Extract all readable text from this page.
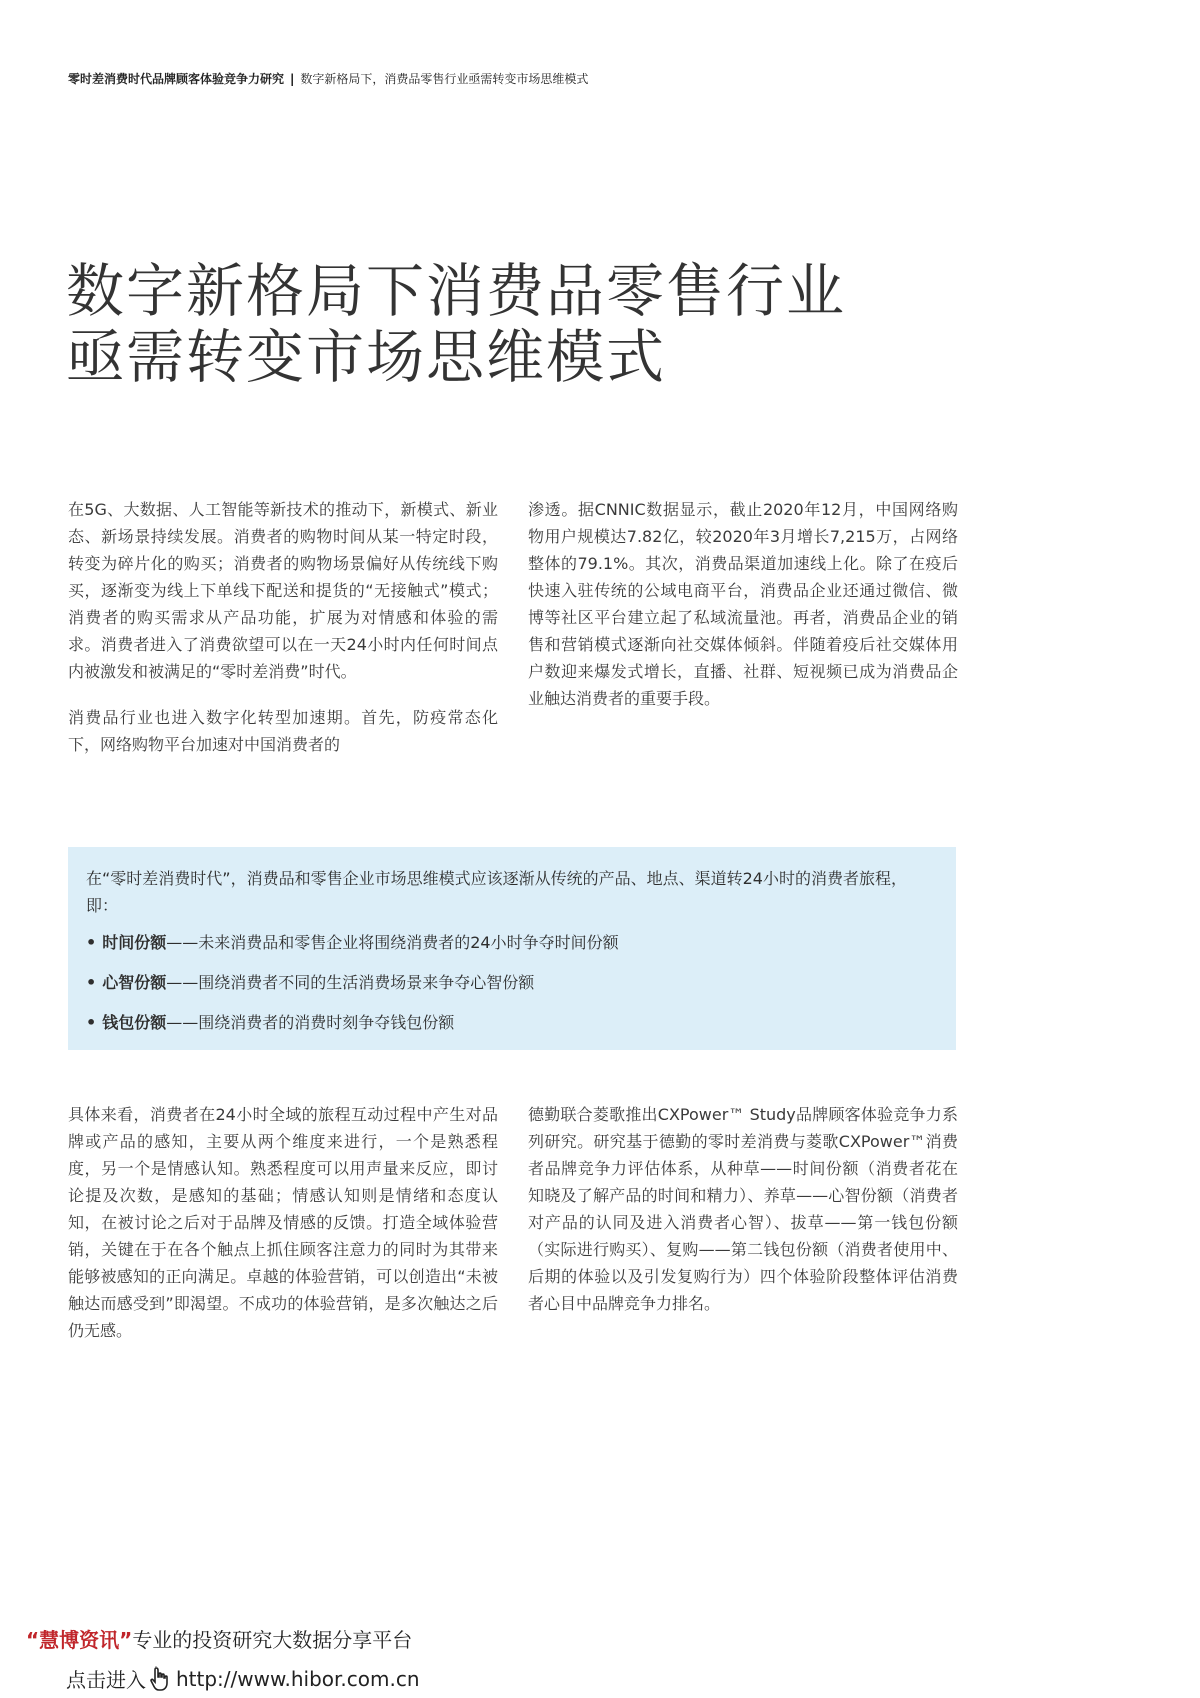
零时差消费时代品牌顾客体验竞争力研究 | 数字新格局下，消费品零售行业亟需转变市场思维模式
数字新格局下消费品零售行业
亟需转变市场思维模式

在5G、大数据、人工智能等新技术的推动下，新模式、新业态、新场景持续发展。消费者的购物时间从某一特定时段，转变为碎片化的购买；消费者的购物场景偏好从传统线下购买，逐渐变为线上下单线下配送和提货的“无接触式”模式；消费者的购买需求从产品功能，扩展为对情感和体验的需求。消费者进入了消费欲望可以在一天24小时内任何时间点内被激发和被满足的“零时差消费”时代。

消费品行业也进入数字化转型加速期。首先，防疫常态化下，网络购物平台加速对中国消费者的

渗透。据CNNIC数据显示，截止2020年12月，中国网络购物用户规模达7.82亿，较2020年3月增长7,215万，占网络整体的79.1%。其次，消费品渠道加速线上化。除了在疫后快速入驻传统的公域电商平台，消费品企业还通过微信、微博等社区平台建立起了私域流量池。再者，消费品企业的销售和营销模式逐渐向社交媒体倾斜。伴随着疫后社交媒体用户数迎来爆发式增长，直播、社群、短视频已成为消费品企业触达消费者的重要手段。

在“零时差消费时代”，消费品和零售企业市场思维模式应该逐渐从传统的产品、地点、渠道转24小时的消费者旅程，即：

• 时间份额——未来消费品和零售企业将围绕消费者的24小时争夺时间份额
• 心智份额——围绕消费者不同的生活消费场景来争夺心智份额
• 钱包份额——围绕消费者的消费时刻争夺钱包份额

具体来看，消费者在24小时全域的旅程互动过程中产生对品牌或产品的感知，主要从两个维度来进行，一个是熟悉程度，另一个是情感认知。熟悉程度可以用声量来反应，即讨论提及次数，是感知的基础；情感认知则是情绪和态度认知，在被讨论之后对于品牌及情感的反馈。打造全域体验营销，关键在于在各个触点上抓住顾客注意力的同时为其带来能够被感知的正向满足。卓越的体验营销，可以创造出“未被触达而感受到”即渴望。不成功的体验营销，是多次触达之后仍无感。

德勤联合菱歌推出CXPower™ Study品牌顾客体验竞争力系列研究。研究基于德勤的零时差消费与菱歌CXPower™消费者品牌竞争力评估体系，从种草——时间份额（消费者花在知晓及了解产品的时间和精力）、养草——心智份额（消费者对产品的认同及进入消费者心智）、拔草——第一钱包份额（实际进行购买）、复购——第二钱包份额（消费者使用中、后期的体验以及引发复购行为）四个体验阶段整体评估消费者心目中品牌竞争力排名。

“慧博资讯”专业的投资研究大数据分享平台
点击进入 http://www.hibor.com.cn
